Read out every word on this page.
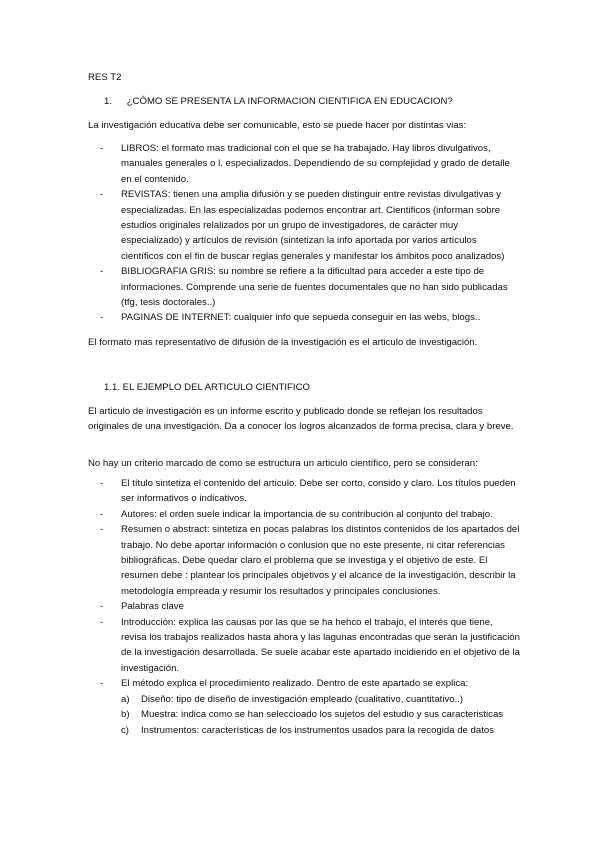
RES T2
1. ¿CÓMO SE PRESENTA LA INFORMACION CIENTIFICA EN EDUCACION?
La investigación educativa debe ser comunicable, esto se puede hacer por distintas vias:
- LIBROS: el formato mas tradicional con el que se ha trabajado. Hay libros divulgativos, manuales generales o l. especializados. Dependiendo de su complejidad y grado de detalle en el contenido.
- REVISTAS: tienen una amplia difusión y se pueden distinguir entre revistas divulgativas y especializadas. En las especializadas podemos encontrar art. Cientificos (informan sobre estudios originales relalizados por un grupo de investigadores, de carácter muy especializado) y artículos de revisión (sintetizan la info aportada por varios artículos científicos con el fin de buscar reglas generales y manifestar los ámbitos poco analizados)
- BIBLIOGRAFIA GRIS: su nombre se refiere a la dificultad para acceder a este tipo de informaciones. Comprende una serie de fuentes documentales que no han sido publicadas (tfg, tesis doctorales..)
- PAGINAS DE INTERNET: cualquier info que sepueda conseguir en las webs, blogs..
El formato mas representativo de difusión de la investigación es el articulo de investigación.
1.1. EL EJEMPLO DEL ARTICULO CIENTIFICO
El articulo de investigación es un informe escrito y publicado donde se reflejan los resultados originales de una investigación. Da a conocer los logros alcanzados de forma precisa, clara y breve.
No hay un criterio marcado de como se estructura un articulo científico, pero se consideran:
- El título sintetiza el contenido del articulo. Debe ser corto, consido y claro. Los títulos pueden ser informativos o indicativos.
- Autores: el orden suele indicar la importancia de su contribución al conjunto del trabajo.
- Resumen o abstract: sintetiza en pocas palabras los distintos contenidos de los apartados del trabajo. No debe aportar información o conlusion que no este presente, ni citar referencias bibliográficas. Debe quedar claro el problema que se investiga y el objetivo de este. El resumen debe : plantear los principales objetivos y el alcance de la investigación, describir la metodología empreada y resumir los resultados y principales conclusiones.
- Palabras clave
- Introducción: explica las causas por las que se ha hehco el trabajo, el interés que tiene, revisa los trabajos realizados hasta ahora y las lagunas encontradas que serán la justificación de la investigación desarrollada. Se suele acabar este apartado incidiendo en el objetivo de la investigación.
- El método explica el procedimiento realizado. Dentro de este apartado se explica:
a) Diseño: tipo de diseño de investigación empleado (cualitativo, cuantitativo..)
b) Muestra: indica como se han seleccioado los sujetos del estudio y sus caracteristicas
c) Instrumentos: características de los instrumentos usados para la recogida de datos
